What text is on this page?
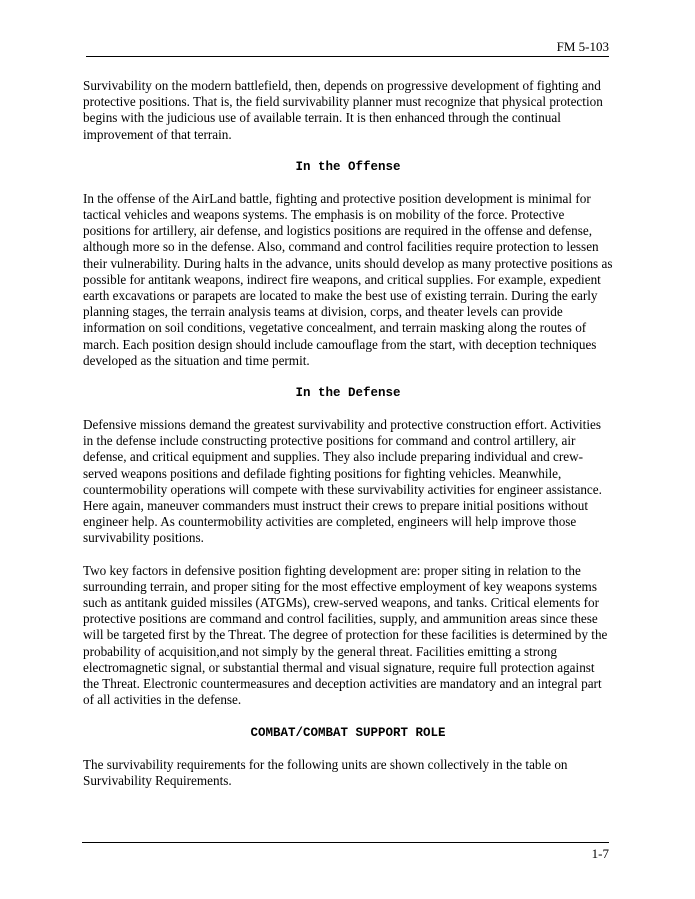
FM 5-103

Survivability on the modern battlefield, then, depends on progressive development of fighting and protective positions. That is, the field survivability planner must recognize that physical protection begins with the judicious use of available terrain. It is then enhanced through the continual improvement of that terrain.

In the Offense

In the offense of the AirLand battle, fighting and protective position development is minimal for tactical vehicles and weapons systems. The emphasis is on mobility of the force. Protective positions for artillery, air defense, and logistics positions are required in the offense and defense, although more so in the defense. Also, command and control facilities require protection to lessen their vulnerability. During halts in the advance, units should develop as many protective positions as possible for antitank weapons, indirect fire weapons, and critical supplies. For example, expedient earth excavations or parapets are located to make the best use of existing terrain. During the early planning stages, the terrain analysis teams at division, corps, and theater levels can provide information on soil conditions, vegetative concealment, and terrain masking along the routes of march. Each position design should include camouflage from the start, with deception techniques developed as the situation and time permit.

In the Defense

Defensive missions demand the greatest survivability and protective construction effort. Activities in the defense include constructing protective positions for command and control artillery, air defense, and critical equipment and supplies. They also include preparing individual and crew-served weapons positions and defilade fighting positions for fighting vehicles. Meanwhile, countermobility operations will compete with these survivability activities for engineer assistance. Here again, maneuver commanders must instruct their crews to prepare initial positions without engineer help. As countermobility activities are completed, engineers will help improve those survivability positions.

Two key factors in defensive position fighting development are: proper siting in relation to the surrounding terrain, and proper siting for the most effective employment of key weapons systems such as antitank guided missiles (ATGMs), crew-served weapons, and tanks. Critical elements for protective positions are command and control facilities, supply, and ammunition areas since these will be targeted first by the Threat. The degree of protection for these facilities is determined by the probability of acquisition,and not simply by the general threat. Facilities emitting a strong electromagnetic signal, or substantial thermal and visual signature, require full protection against the Threat. Electronic countermeasures and deception activities are mandatory and an integral part of all activities in the defense.

COMBAT/COMBAT SUPPORT ROLE

The survivability requirements for the following units are shown collectively in the table on Survivability Requirements.

1-7
